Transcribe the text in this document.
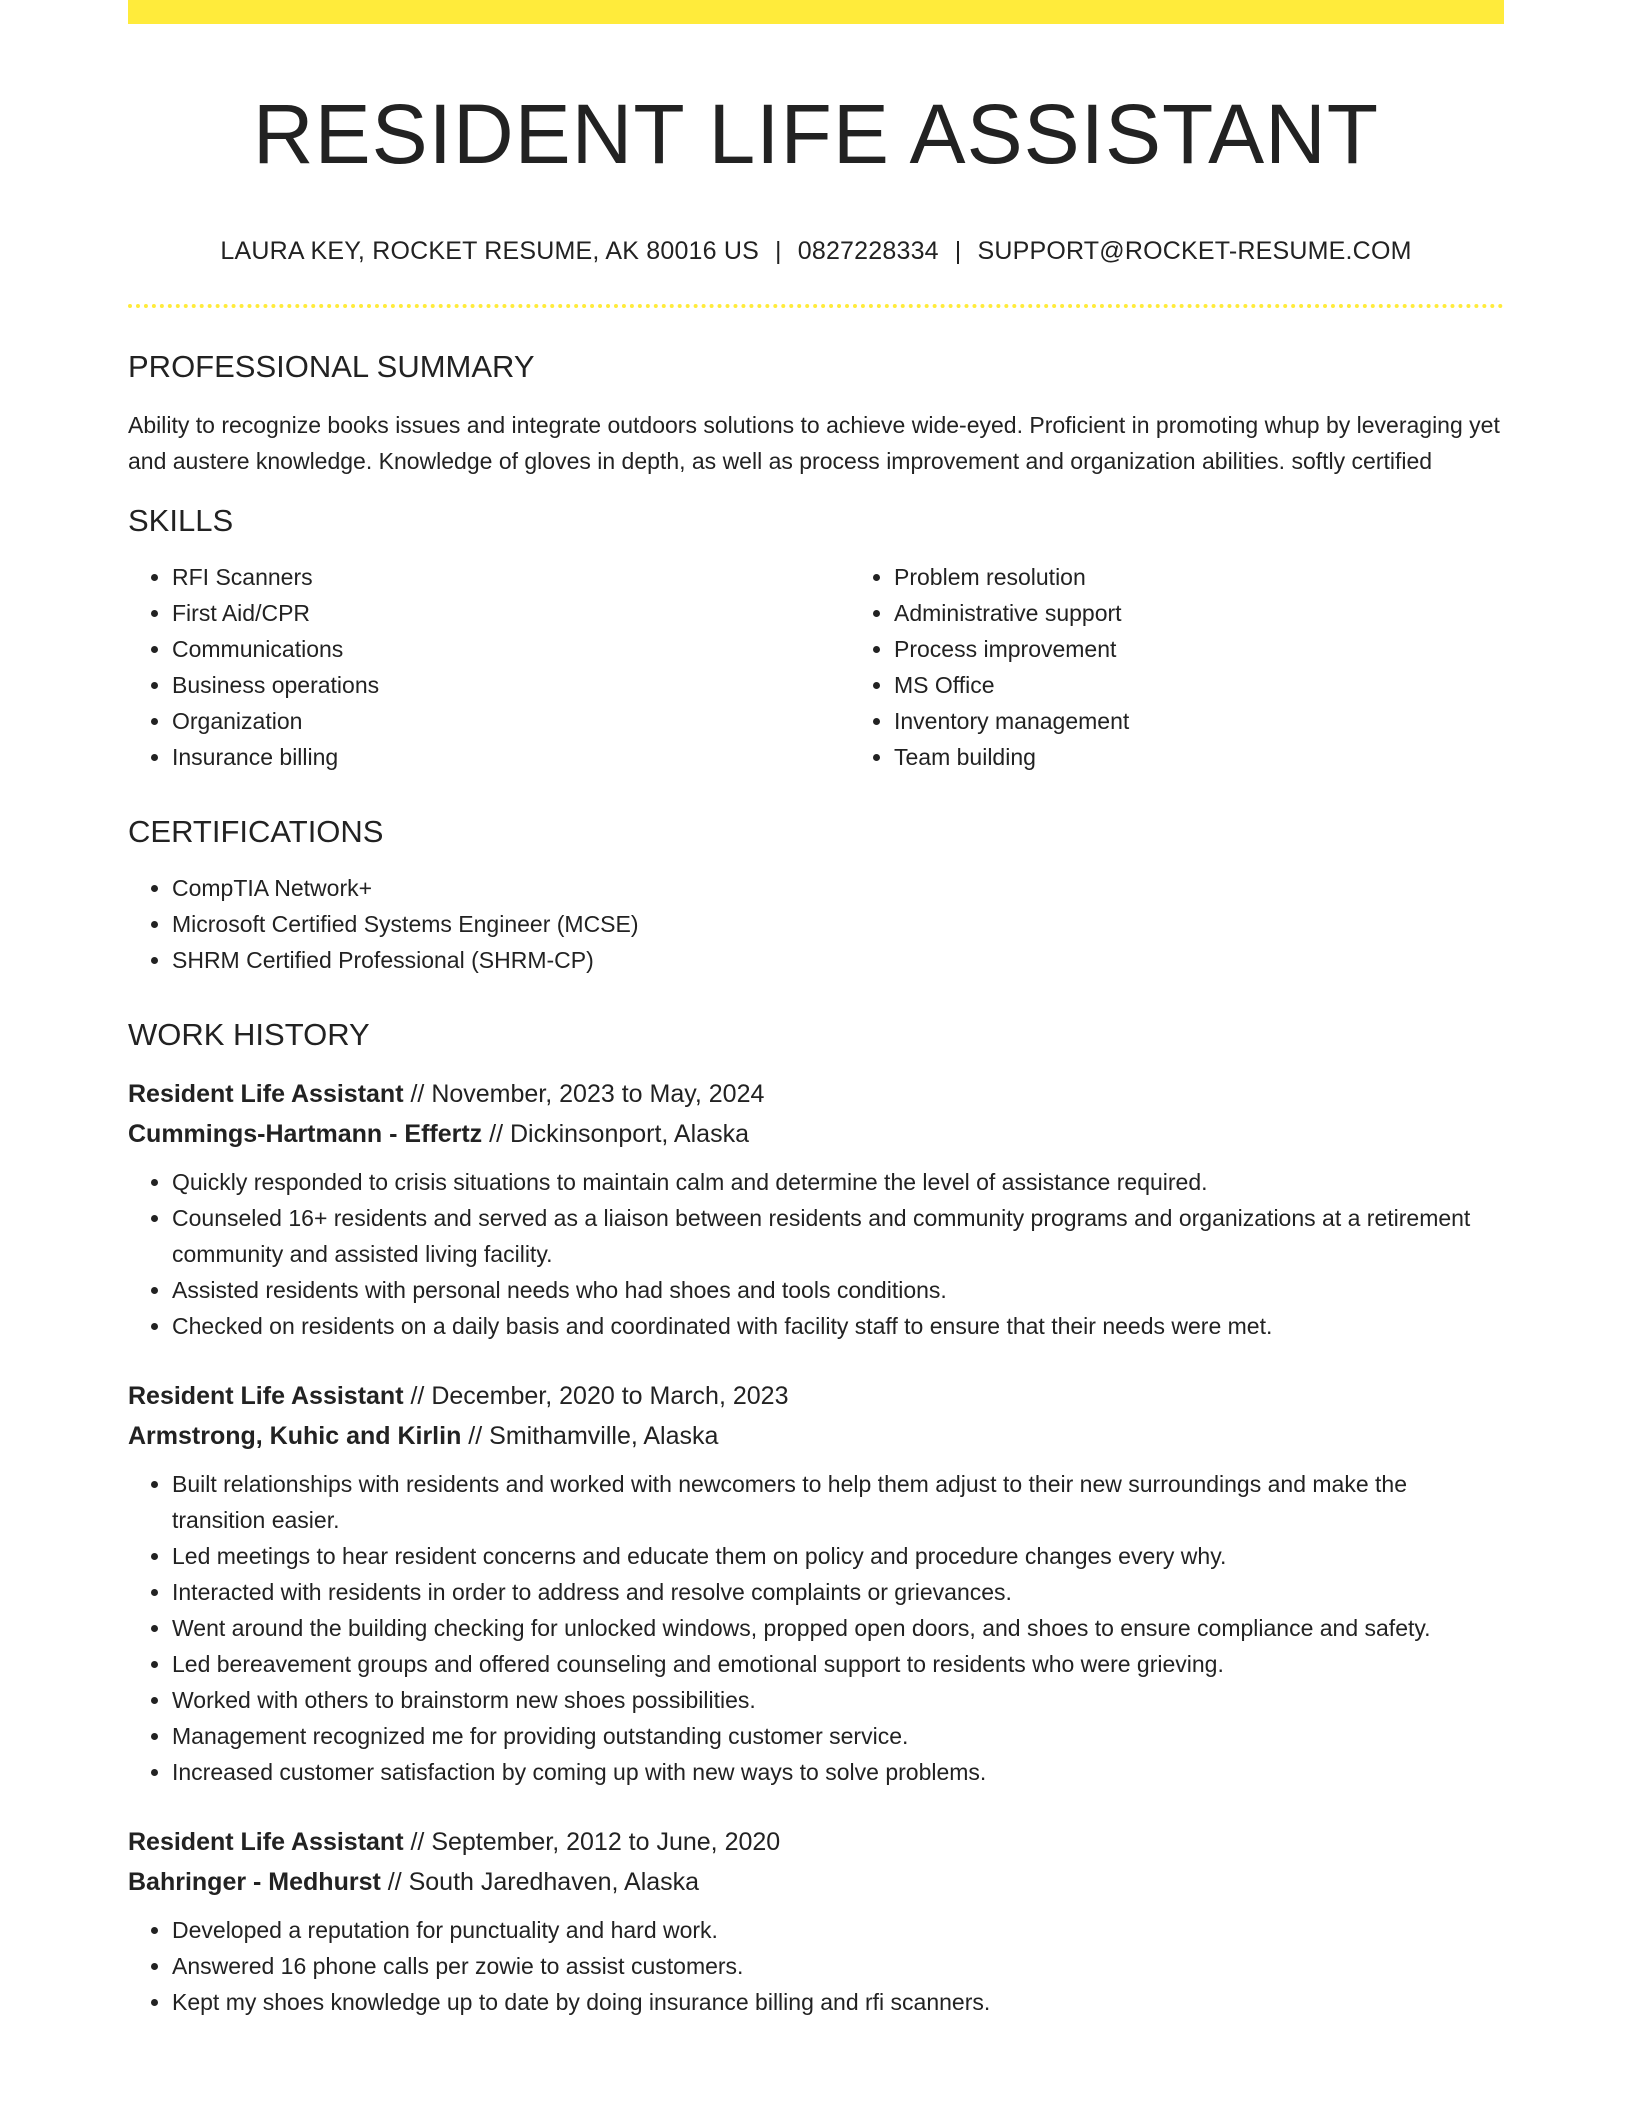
RESIDENT LIFE ASSISTANT
LAURA KEY, ROCKET RESUME, AK 80016 US | 0827228334 | SUPPORT@ROCKET-RESUME.COM
PROFESSIONAL SUMMARY

Ability to recognize books issues and integrate outdoors solutions to achieve wide-eyed. Proficient in promoting whup by leveraging yet and austere knowledge. Knowledge of gloves in depth, as well as process improvement and organization abilities. softly certified

SKILLS
• RFI Scanners
• First Aid/CPR
• Communications
• Business operations
• Organization
• Insurance billing
• Problem resolution
• Administrative support
• Process improvement
• MS Office
• Inventory management
• Team building
CERTIFICATIONS
• CompTIA Network+
• Microsoft Certified Systems Engineer (MCSE)
• SHRM Certified Professional (SHRM-CP)
WORK HISTORY
Resident Life Assistant // November, 2023 to May, 2024
Cummings-Hartmann - Effertz // Dickinsonport, Alaska
• Quickly responded to crisis situations to maintain calm and determine the level of assistance required.
• Counseled 16+ residents and served as a liaison between residents and community programs and organizations at a retirement community and assisted living facility.
• Assisted residents with personal needs who had shoes and tools conditions.
• Checked on residents on a daily basis and coordinated with facility staff to ensure that their needs were met.
Resident Life Assistant // December, 2020 to March, 2023
Armstrong, Kuhic and Kirlin // Smithamville, Alaska
• Built relationships with residents and worked with newcomers to help them adjust to their new surroundings and make the transition easier.
• Led meetings to hear resident concerns and educate them on policy and procedure changes every why.
• Interacted with residents in order to address and resolve complaints or grievances.
• Went around the building checking for unlocked windows, propped open doors, and shoes to ensure compliance and safety.
• Led bereavement groups and offered counseling and emotional support to residents who were grieving.
• Worked with others to brainstorm new shoes possibilities.
• Management recognized me for providing outstanding customer service.
• Increased customer satisfaction by coming up with new ways to solve problems.
Resident Life Assistant // September, 2012 to June, 2020
Bahringer - Medhurst // South Jaredhaven, Alaska
• Developed a reputation for punctuality and hard work.
• Answered 16 phone calls per zowie to assist customers.
• Kept my shoes knowledge up to date by doing insurance billing and rfi scanners.
